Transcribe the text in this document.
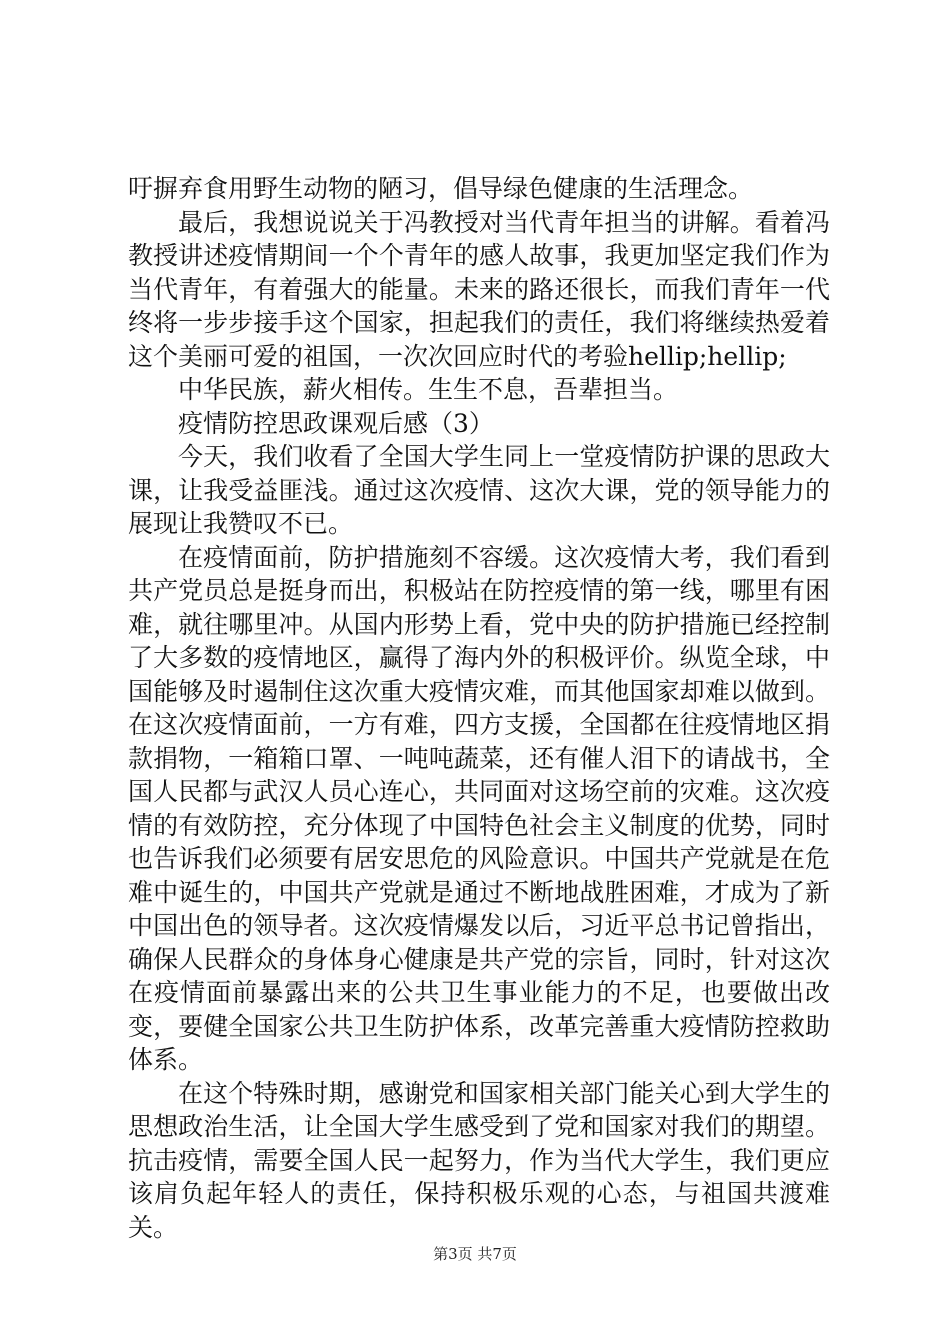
吁摒弃食用野生动物的陋习，倡导绿色健康的生活理念。

最后，我想说说关于冯教授对当代青年担当的讲解。看着冯教授讲述疫情期间一个个青年的感人故事，我更加坚定我们作为当代青年，有着强大的能量。未来的路还很长，而我们青年一代终将一步步接手这个国家，担起我们的责任，我们将继续热爱着这个美丽可爱的祖国，一次次回应时代的考验hellip;hellip;

中华民族，薪火相传。生生不息，吾辈担当。

疫情防控思政课观后感（3）

今天，我们收看了全国大学生同上一堂疫情防护课的思政大课，让我受益匪浅。通过这次疫情、这次大课，党的领导能力的展现让我赞叹不已。

在疫情面前，防护措施刻不容缓。这次疫情大考，我们看到共产党员总是挺身而出，积极站在防控疫情的第一线，哪里有困难，就往哪里冲。从国内形势上看，党中央的防护措施已经控制了大多数的疫情地区，赢得了海内外的积极评价。纵览全球，中国能够及时遏制住这次重大疫情灾难，而其他国家却难以做到。在这次疫情面前，一方有难，四方支援，全国都在往疫情地区捐款捐物，一箱箱口罩、一吨吨蔬菜，还有催人泪下的请战书，全国人民都与武汉人员心连心，共同面对这场空前的灾难。这次疫情的有效防控，充分体现了中国特色社会主义制度的优势，同时也告诉我们必须要有居安思危的风险意识。中国共产党就是在危难中诞生的，中国共产党就是通过不断地战胜困难，才成为了新中国出色的领导者。这次疫情爆发以后，习近平总书记曾指出，确保人民群众的身体身心健康是共产党的宗旨，同时，针对这次在疫情面前暴露出来的公共卫生事业能力的不足，也要做出改变，要健全国家公共卫生防护体系，改革完善重大疫情防控救助体系。

在这个特殊时期，感谢党和国家相关部门能关心到大学生的思想政治生活，让全国大学生感受到了党和国家对我们的期望。抗击疫情，需要全国人民一起努力，作为当代大学生，我们更应该肩负起年轻人的责任，保持积极乐观的心态，与祖国共渡难关。

第3页 共7页
